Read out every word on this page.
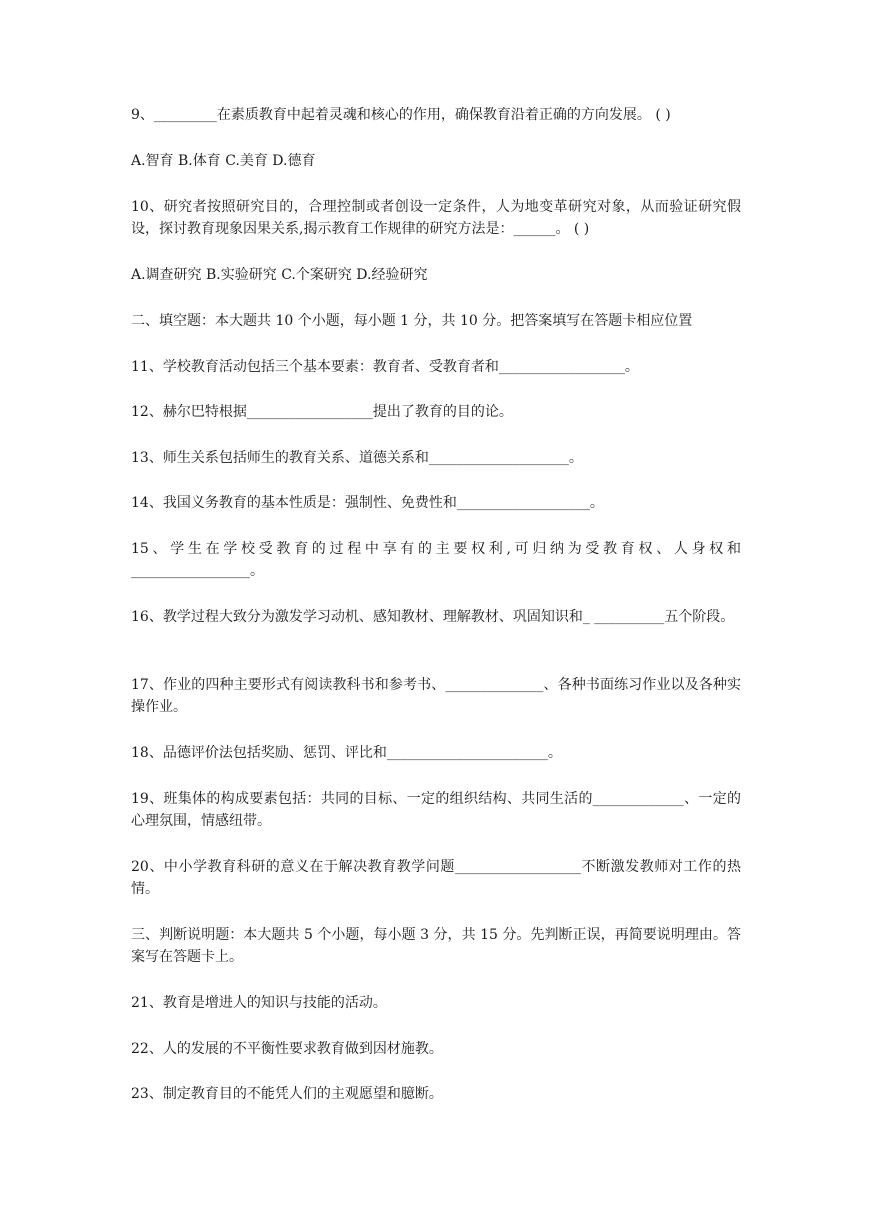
9、_________在素质教育中起着灵魂和核心的作用，确保教育沿着正确的方向发展。 ( )

A.智育 B.体育 C.美育 D.德育

10、研究者按照研究目的，合理控制或者创设一定条件，人为地变革研究对象，从而验证研究假设，探讨教育现象因果关系,揭示教育工作规律的研究方法是：______。 ( )

A.调查研究 B.实验研究 C.个案研究 D.经验研究

二、填空题：本大题共 10 个小题，每小题 1 分，共 10 分。把答案填写在答题卡相应位置

11、学校教育活动包括三个基本要素：教育者、受教育者和__________________。

12、赫尔巴特根据__________________提出了教育的目的论。

13、师生关系包括师生的教育关系、道德关系和____________________。

14、我国义务教育的基本性质是：强制性、免费性和___________________。

15、学生在学校受教育的过程中享有的主要权利,可归纳为受教育权、人身权和_________________。

16、教学过程大致分为激发学习动机、感知教材、理解教材、巩固知识和_ __________五个阶段。

17、作业的四种主要形式有阅读教科书和参考书、______________、各种书面练习作业以及各种实操作业。

18、品德评价法包括奖励、惩罚、评比和_______________________。

19、班集体的构成要素包括：共同的目标、一定的组织结构、共同生活的_____________、一定的心理氛围，情感纽带。

20、中小学教育科研的意义在于解决教育教学问题__________________不断激发教师对工作的热情。

三、判断说明题：本大题共 5 个小题，每小题 3 分，共 15 分。先判断正误，再简要说明理由。答案写在答题卡上。

21、教育是增进人的知识与技能的活动。

22、人的发展的不平衡性要求教育做到因材施教。

23、制定教育目的不能凭人们的主观愿望和臆断。
